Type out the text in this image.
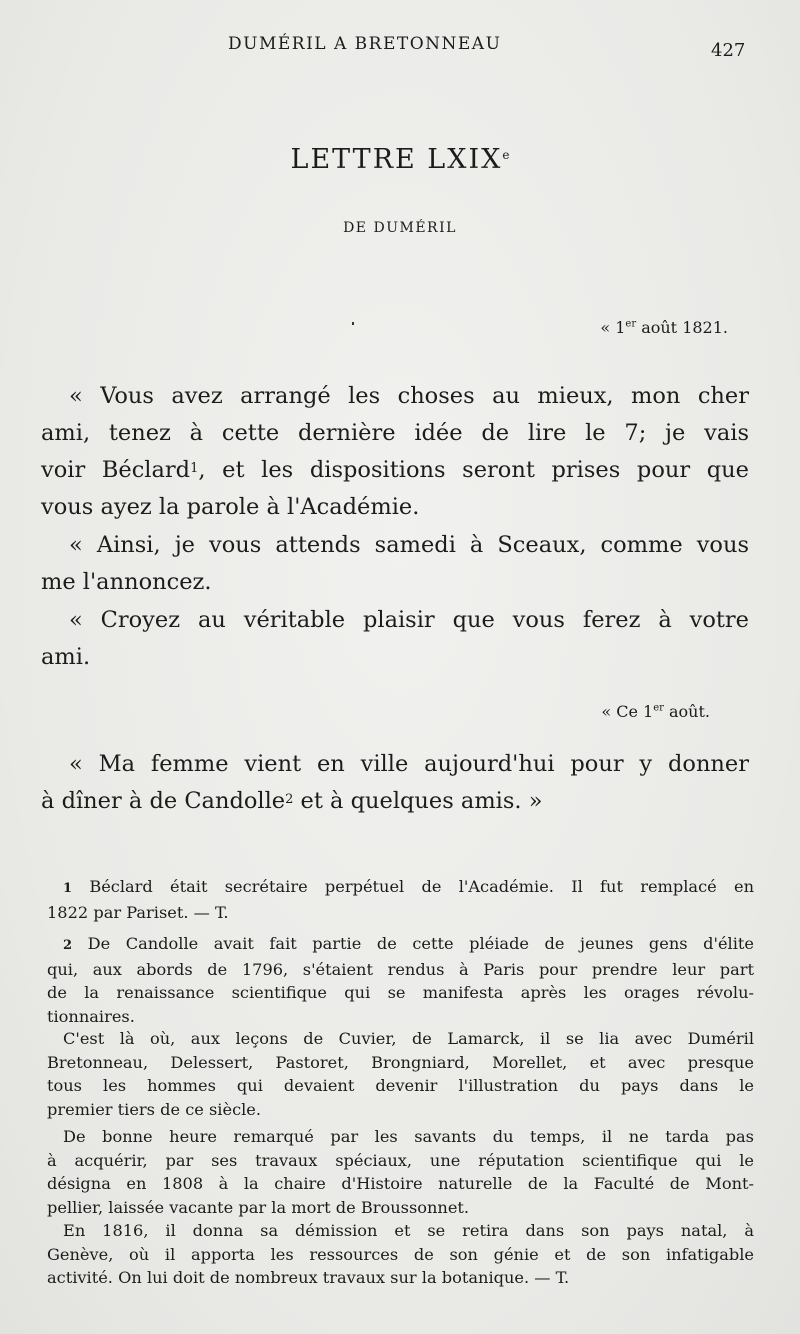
DUMÉRIL A BRETONNEAU	427
LETTRE LXIXe
DE DUMÉRIL
« 1er août 1821.
« Vous avez arrangé les choses au mieux, mon cher
ami, tenez à cette dernière idée de lire le 7; je vais
voir Béclard$^1$, et les dispositions seront prises pour que
vous ayez la parole à l'Académie.
« Ainsi, je vous attends samedi à Sceaux, comme vous
me l'annoncez.
« Croyez au véritable plaisir que vous ferez à votre
ami.
« Ce 1er août.
« Ma femme vient en ville aujourd'hui pour y donner
à dîner à de Candolle$^2$ et à quelques amis. »
1 Béclard était secrétaire perpétuel de l'Académie. Il fut remplacé en
1822 par Pariset. — T.
2 De Candolle avait fait partie de cette pléiade de jeunes gens d'élite
qui, aux abords de 1796, s'étaient rendus à Paris pour prendre leur part
de la renaissance scientifique qui se manifesta après les orages révolu-
tionnaires.
C'est là où, aux leçons de Cuvier, de Lamarck, il se lia avec Duméril
Bretonneau, Delessert, Pastoret, Brongniard, Morellet, et avec presque
tous les hommes qui devaient devenir l'illustration du pays dans le
premier tiers de ce siècle.
De bonne heure remarqué par les savants du temps, il ne tarda pas
à acquérir, par ses travaux spéciaux, une réputation scientifique qui le
désigna en 1808 à la chaire d'Histoire naturelle de la Faculté de Mont-
pellier, laissée vacante par la mort de Broussonnet.
En 1816, il donna sa démission et se retira dans son pays natal, à
Genève, où il apporta les ressources de son génie et de son infatigable
activité. On lui doit de nombreux travaux sur la botanique. — T.
